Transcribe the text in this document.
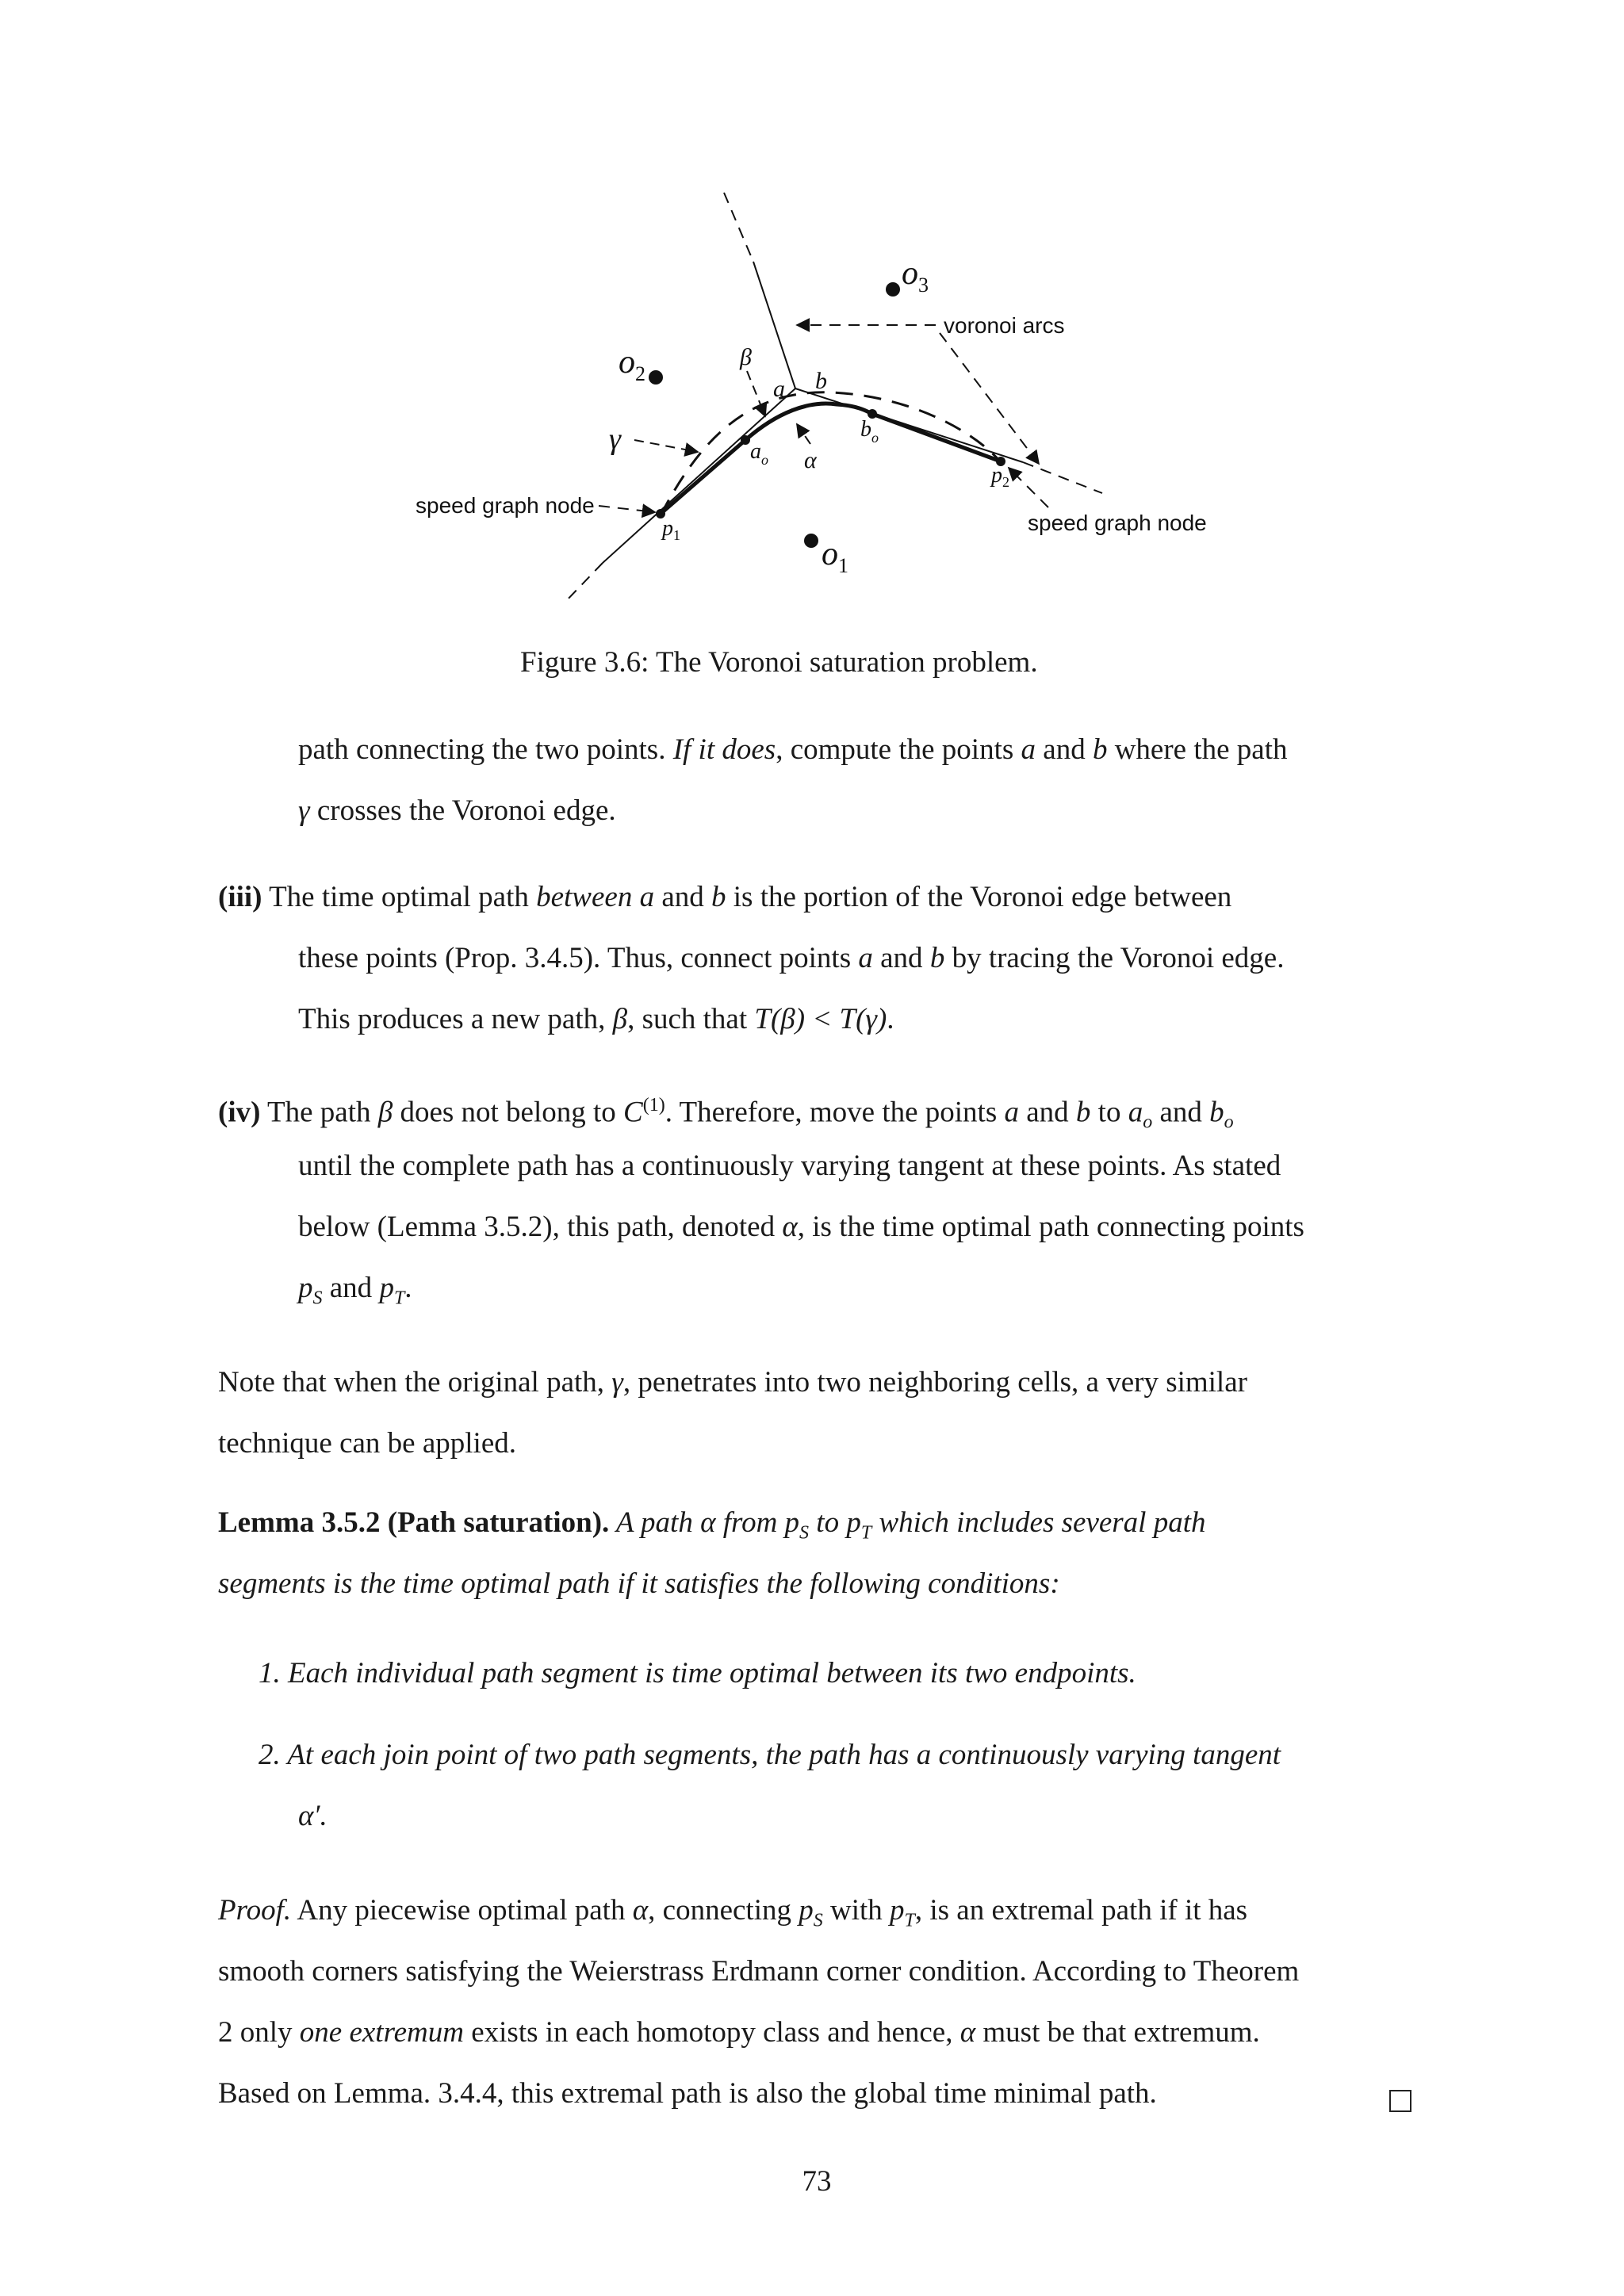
$o_1$
$o_2$
$o_3$
voronoi arcs
speed graph node
speed graph node
β
γ
α
a b
$a_o$
$b_o$
$p_1$
$p_2$
Figure 3.6: The Voronoi saturation problem.
path connecting the two points. If it does, compute the points a and b where the path
γ crosses the Voronoi edge.
(iii) The time optimal path between a and b is the portion of the Voronoi edge between
these points (Prop. 3.4.5). Thus, connect points a and b by tracing the Voronoi edge.
This produces a new path, β, such that T(β) < T(γ).
(iv) The path β does not belong to $C^{(1)}$. Therefore, move the points a and b to $a_o$ and $b_o$
until the complete path has a continuously varying tangent at these points. As stated
below (Lemma 3.5.2), this path, denoted α, is the time optimal path connecting points
$p_S$ and $p_T$.
Note that when the original path, γ, penetrates into two neighboring cells, a very similar
technique can be applied.
Lemma 3.5.2 (Path saturation). A path α from $p_S$ to $p_T$ which includes several path
segments is the time optimal path if it satisfies the following conditions:
1. Each individual path segment is time optimal between its two endpoints.
2. At each join point of two path segments, the path has a continuously varying tangent
α′.
Proof. Any piecewise optimal path α, connecting $p_S$ with $p_T$, is an extremal path if it has
smooth corners satisfying the Weierstrass Erdmann corner condition. According to Theorem
2 only one extremum exists in each homotopy class and hence, α must be that extremum.
Based on Lemma. 3.4.4, this extremal path is also the global time minimal path.
73
